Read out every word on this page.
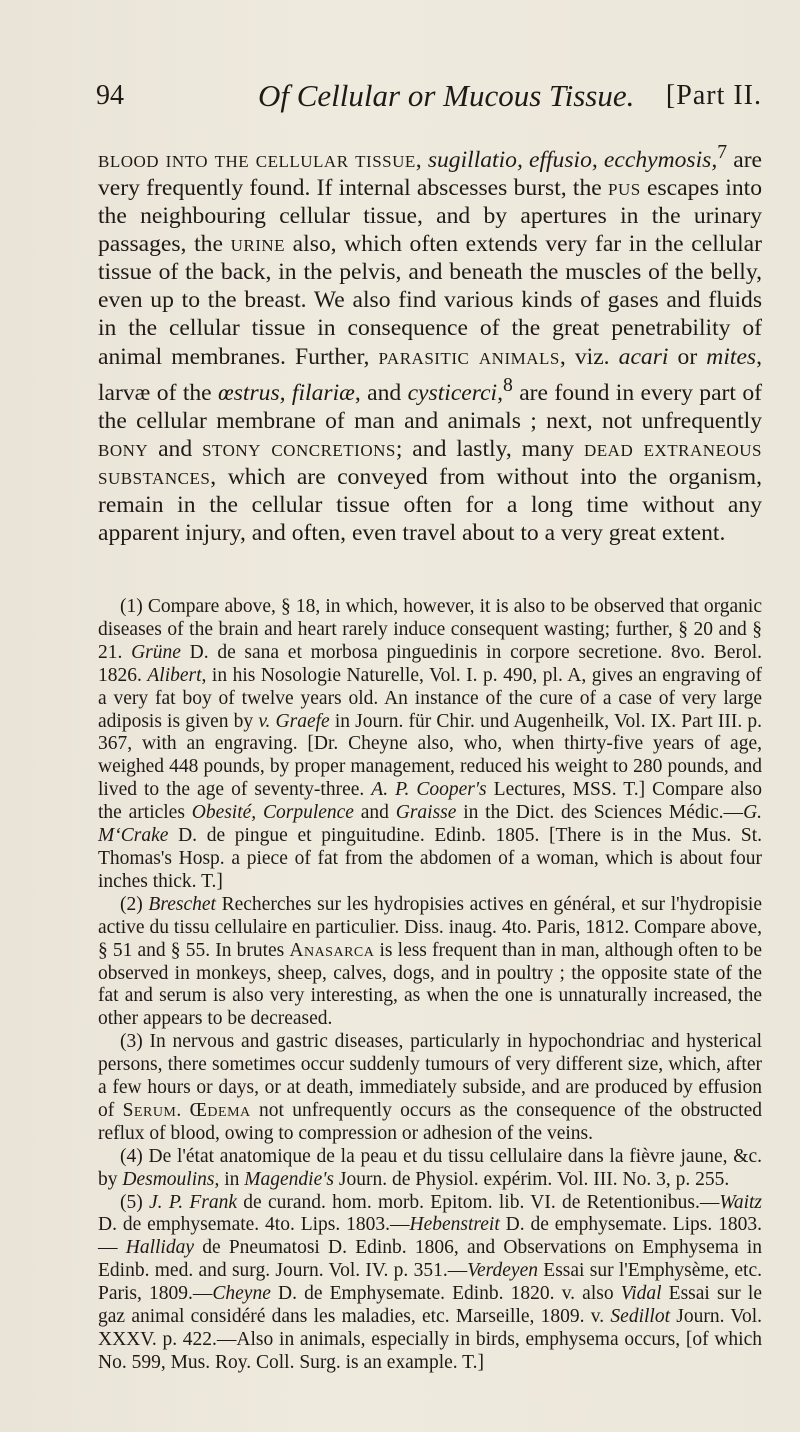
94	Of Cellular or Mucous Tissue. [Part II.

blood into the cellular tissue, sugillatio, effusio, ecchymosis,$^7$ are very frequently found. If internal abscesses burst, the pus escapes into the neighbouring cellular tissue, and by apertures in the urinary passages, the urine also, which often extends very far in the cellular tissue of the back, in the pelvis, and beneath the muscles of the belly, even up to the breast. We also find various kinds of gases and fluids in the cellular tissue in consequence of the great penetrability of animal membranes. Further, parasitic animals, viz. acari or mites, larvæ of the œstrus, filariæ, and cysticerci,$^8$ are found in every part of the cellular membrane of man and animals ; next, not unfrequently bony and stony concretions; and lastly, many dead extraneous substances, which are conveyed from without into the organism, remain in the cellular tissue often for a long time without any apparent injury, and often, even travel about to a very great extent.

(1) Compare above, § 18, in which, however, it is also to be observed that organic diseases of the brain and heart rarely induce consequent wasting; further, § 20 and § 21. Grüne D. de sana et morbosa pinguedinis in corpore secretione. 8vo. Berol. 1826. Alibert, in his Nosologie Naturelle, Vol. I. p. 490, pl. A, gives an engraving of a very fat boy of twelve years old. An instance of the cure of a case of very large adiposis is given by v. Graefe in Journ. für Chir. und Augenheilk, Vol. IX. Part III. p. 367, with an engraving. [Dr. Cheyne also, who, when thirty-five years of age, weighed 448 pounds, by proper management, reduced his weight to 280 pounds, and lived to the age of seventy-three. A. P. Cooper's Lectures, MSS. T.] Compare also the articles Obesité, Corpulence and Graisse in the Dict. des Sciences Médic.—G. M‘Crake D. de pingue et pinguitudine. Edinb. 1805. [There is in the Mus. St. Thomas's Hosp. a piece of fat from the abdomen of a woman, which is about four inches thick. T.]

(2) Breschet Recherches sur les hydropisies actives en général, et sur l'hydropisie active du tissu cellulaire en particulier. Diss. inaug. 4to. Paris, 1812. Compare above, § 51 and § 55. In brutes Anasarca is less frequent than in man, although often to be observed in monkeys, sheep, calves, dogs, and in poultry ; the opposite state of the fat and serum is also very interesting, as when the one is unnaturally increased, the other appears to be decreased.

(3) In nervous and gastric diseases, particularly in hypochondriac and hysterical persons, there sometimes occur suddenly tumours of very different size, which, after a few hours or days, or at death, immediately subside, and are produced by effusion of Serum. Œdema not unfrequently occurs as the consequence of the obstructed reflux of blood, owing to compression or adhesion of the veins.

(4) De l'état anatomique de la peau et du tissu cellulaire dans la fièvre jaune, &c. by Desmoulins, in Magendie's Journ. de Physiol. expérim. Vol. III. No. 3, p. 255.

(5) J. P. Frank de curand. hom. morb. Epitom. lib. VI. de Retentionibus.—Waitz D. de emphysemate. 4to. Lips. 1803.—Hebenstreit D. de emphysemate. Lips. 1803.— Halliday de Pneumatosi D. Edinb. 1806, and Observations on Emphysema in Edinb. med. and surg. Journ. Vol. IV. p. 351.—Verdeyen Essai sur l'Emphysème, etc. Paris, 1809.—Cheyne D. de Emphysemate. Edinb. 1820. v. also Vidal Essai sur le gaz animal considéré dans les maladies, etc. Marseille, 1809. v. Sedillot Journ. Vol. XXXV. p. 422.—Also in animals, especially in birds, emphysema occurs, [of which No. 599, Mus. Roy. Coll. Surg. is an example. T.]
